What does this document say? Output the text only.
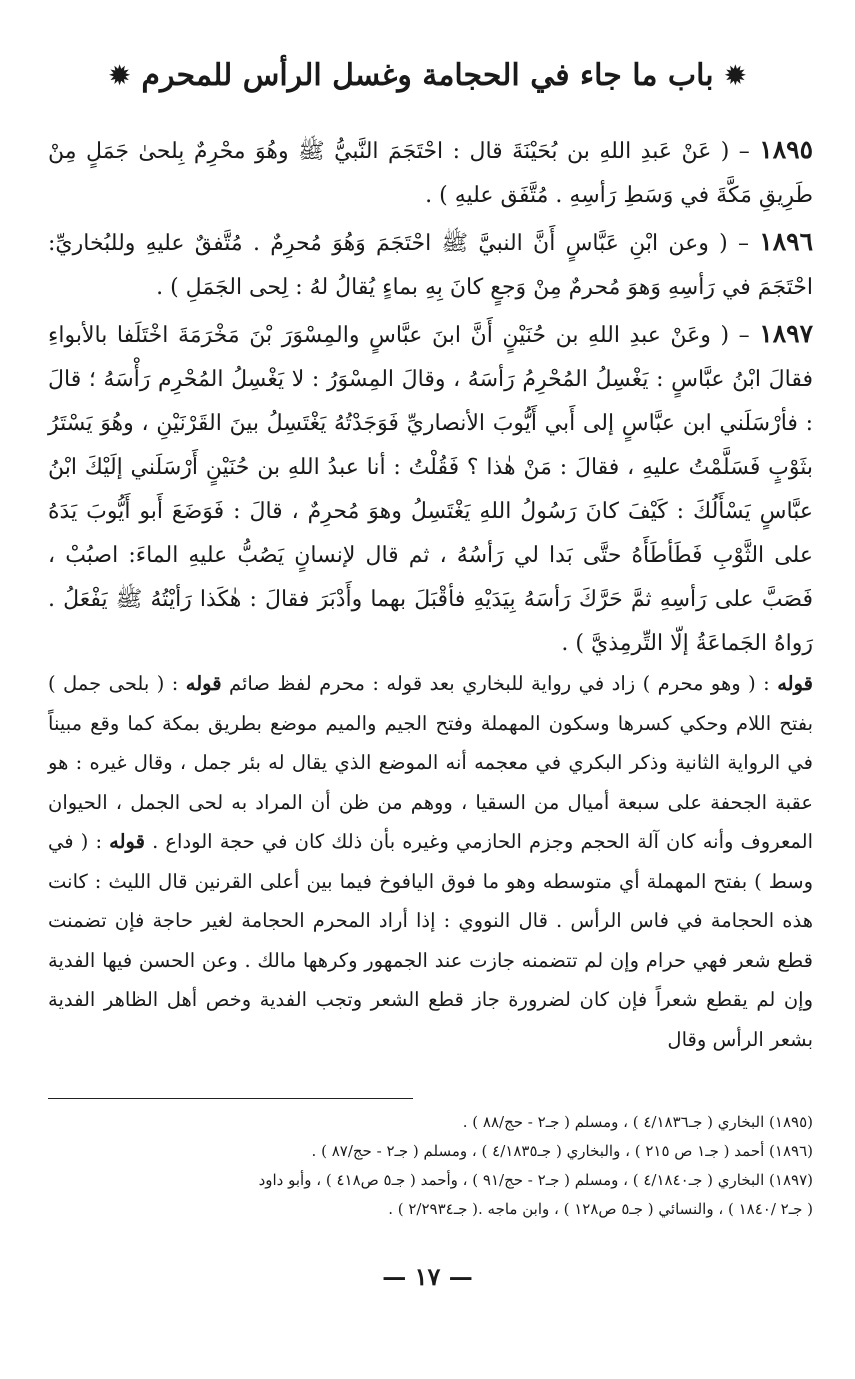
✹
باب ما جاء في الحجامة وغسل الرأس للمحرم
✹

١٨٩٥ – ( عَنْ عَبدِ اللهِ بن بُحَيْنَةَ قال : احْتَجَمَ النَّبيُّ ﷺ وهُوَ محْرِمٌ بِلحىٰ جَمَلٍ مِنْ طَرِيقِ مَكَّةَ في وَسَطِ رَأسِهِ . مُتَّفَق عليهِ ) .

١٨٩٦ – ( وعن ابْنِ عَبَّاسٍ أَنَّ النبيَّ ﷺ احْتَجَمَ وَهُوَ مُحرِمٌ . مُتَّفقٌ عليهِ وللبُخاريِّ: احْتَجَمَ في رَأسِهِ وَهوَ مُحرمٌ مِنْ وَجعٍ كانَ بِهِ بماءٍ يُقالُ لهُ : لِحى الجَمَلِ ) .

١٨٩٧ – ( وعَنْ عبدِ اللهِ بن حُنَيْنٍ أَنَّ ابنَ عبَّاسٍ والمِسْوَرَ بْنَ مَخْرَمَةَ اخْتَلَفا بالأبواءِ فقالَ ابْنُ عبَّاسٍ : يَغْسِلُ المُحْرِمُ رَأسَهُ ، وقالَ المِسْوَرُ : لا يَغْسِلُ المُحْرِم رَأْسَهُ ؛ قالَ : فأرْسَلَني ابن عبَّاسٍ إلى أَبي أَيُّوبَ الأنصاريِّ فَوَجَدْتُهُ يَغْتَسِلُ بينَ القَرْنَيْنِ ، وهُوَ يَسْتَرُ بثَوْبٍ فَسَلَّمْتُ عليهِ ، فقالَ : مَنْ هٰذا ؟ فَقُلْتُ : أنا عبدُ اللهِ بن حُنَيْنٍ أَرْسَلَني إلَيْكَ ابْنُ عبَّاسٍ يَسْأَلُكَ : كَيْفَ كانَ رَسُولُ اللهِ يَغْتَسِلُ وهوَ مُحرِمٌ ، قالَ : فَوَضَعَ أَبو أَيُّوبَ يَدَهُ على الثَّوْبِ فَطَأطَأَهُ حتَّى بَدا لي رَأسُهُ ، ثم قال لإنسانٍ يَصُبُّ عليهِ الماءَ: اصبُبْ ، فَصَبَّ على رَأسِهِ ثمَّ حَرَّكَ رَأسَهُ بِيَدَيْهِ فأقْبَلَ بهما وأَدْبَرَ فقالَ : هٰكَذا رَأيْتُهُ ﷺ يَفْعَلُ . رَواهُ الجَماعَةُ إلّا التِّرمِذيَّ ) .

قوله : ( وهو محرم ) زاد في رواية للبخاري بعد قوله : محرم لفظ صائم قوله : ( بلحى جمل ) بفتح اللام وحكي كسرها وسكون المهملة وفتح الجيم والميم موضع بطريق بمكة كما وقع مبيناً في الرواية الثانية وذكر البكري في معجمه أنه الموضع الذي يقال له بئر جمل ، وقال غيره : هو عقبة الجحفة على سبعة أميال من السقيا ، ووهم من ظن أن المراد به لحى الجمل ، الحيوان المعروف وأنه كان آلة الحجم وجزم الحازمي وغيره بأن ذلك كان في حجة الوداع . قوله : ( في وسط ) بفتح المهملة أي متوسطه وهو ما فوق اليافوخ فيما بين أعلى القرنين قال الليث : كانت هذه الحجامة في فاس الرأس . قال النووي : إذا أراد المحرم الحجامة لغير حاجة فإن تضمنت قطع شعر فهي حرام وإن لم تتضمنه جازت عند الجمهور وكرهها مالك . وعن الحسن فيها الفدية وإن لم يقطع شعراً فإن كان لضرورة جاز قطع الشعر وتجب الفدية وخص أهل الظاهر الفدية بشعر الرأس وقال

(١٨٩٥) البخاري ( جـ٤/١٨٣٦ ) ، ومسلم ( جـ٢ - حج/٨٨ ) .
(١٨٩٦) أحمد ( جـ١ ص ٢١٥ ) ، والبخاري ( جـ٤/١٨٣٥ ) ، ومسلم ( جـ٢ - حج/٨٧ ) .
(١٨٩٧) البخاري ( جـ٤/١٨٤٠ ) ، ومسلم ( جـ٢ - حج/٩١ ) ، وأحمد ( جـ٥ ص٤١٨ ) ، وأبو داود
( جـ٢ /١٨٤٠ ) ، والنسائي ( جـ٥ ص١٢٨ ) ، وابن ماجه .( جـ٢/٢٩٣٤ ) .
— ١٧ —
